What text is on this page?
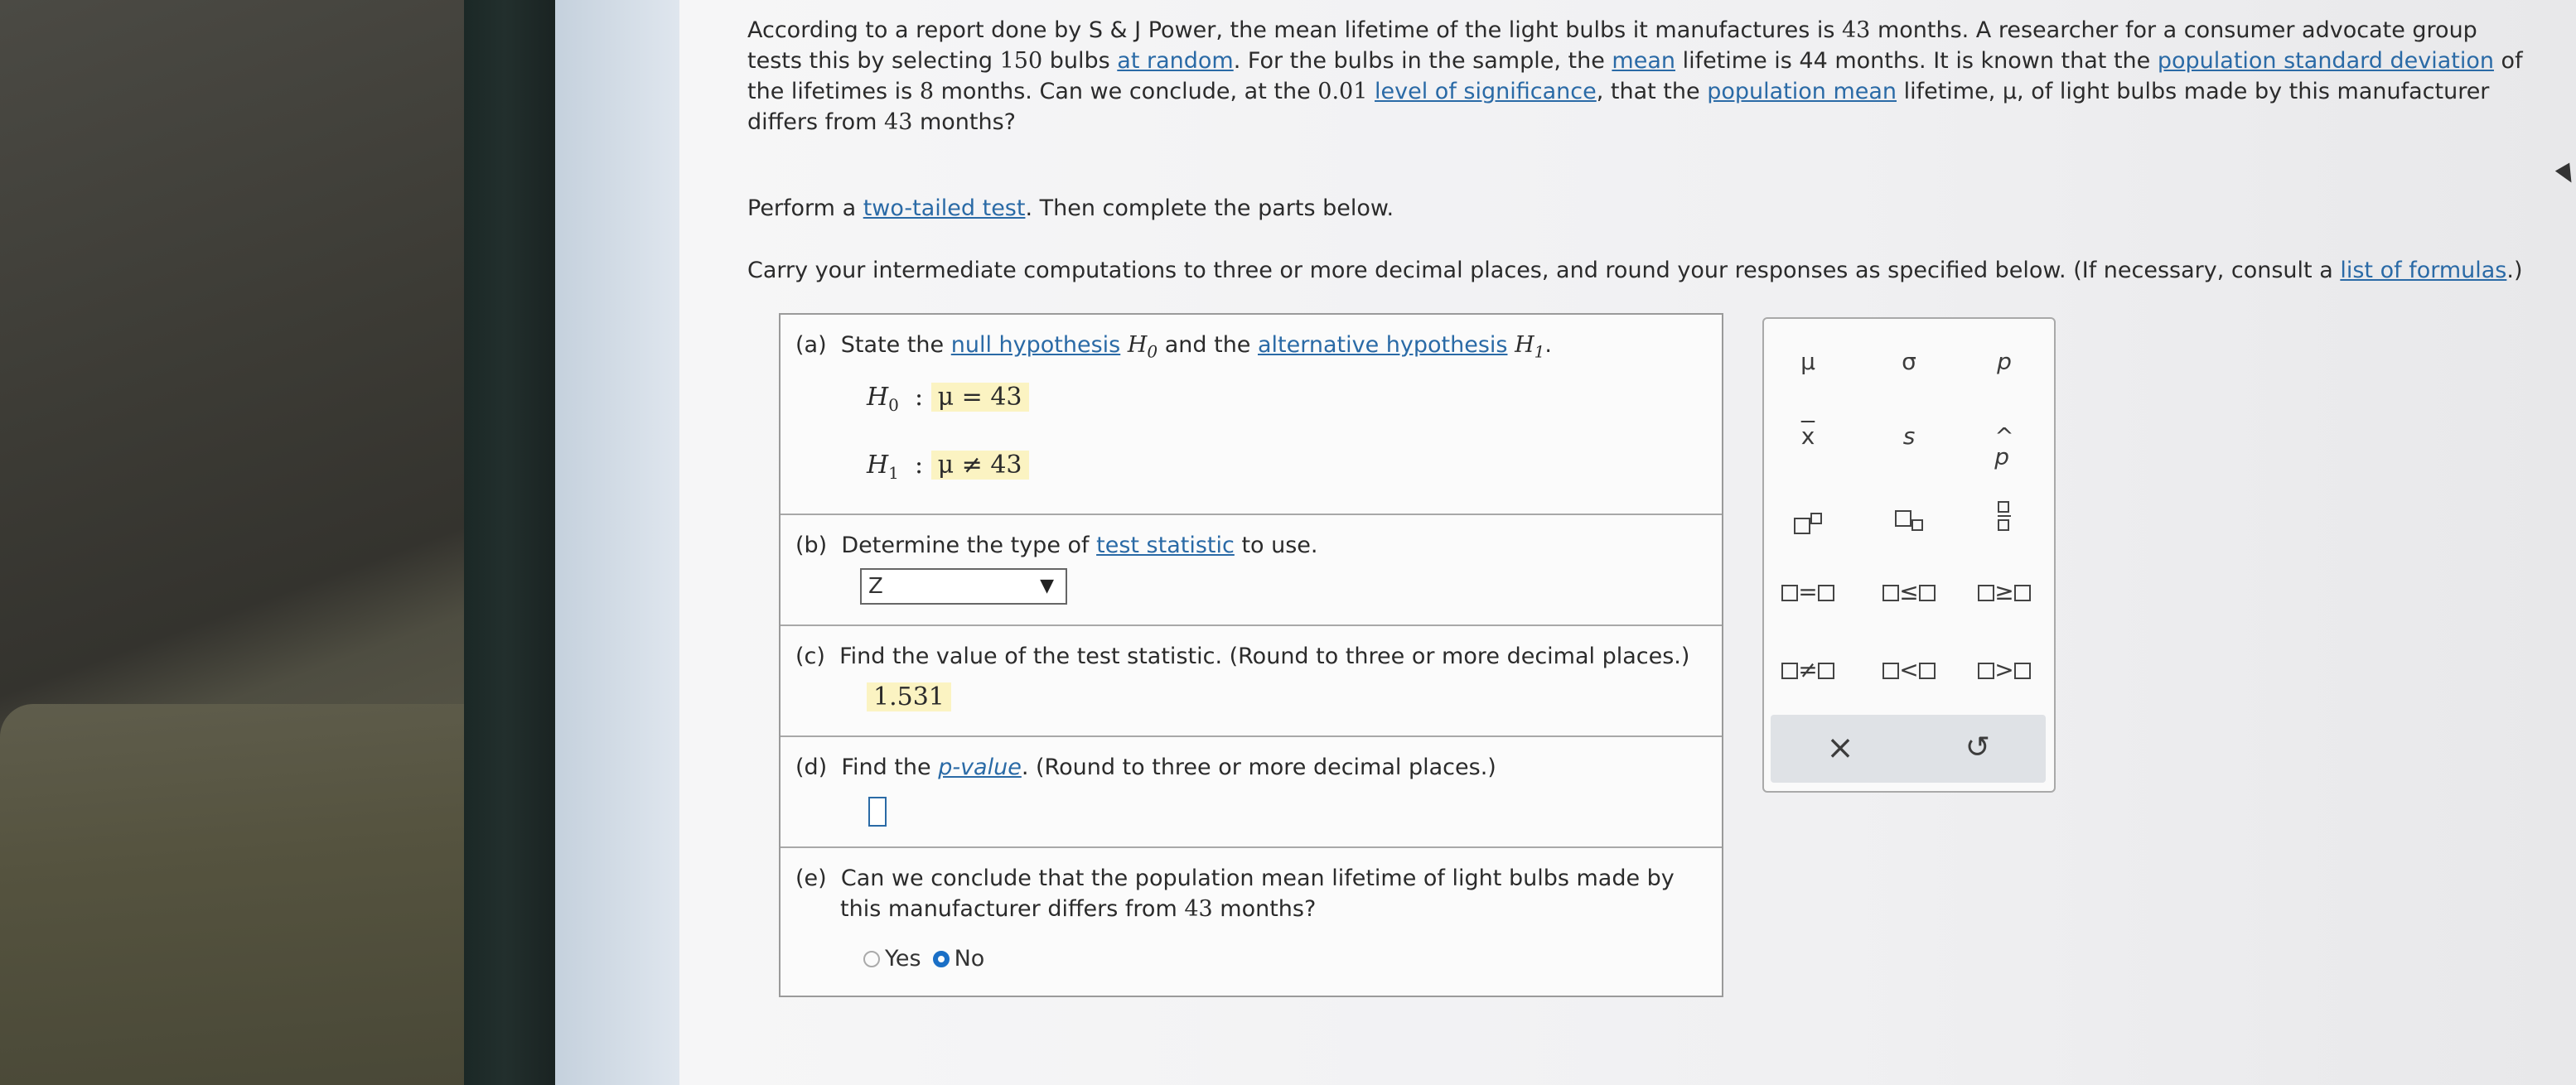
According to a report done by S & J Power, the mean lifetime of the light bulbs it manufactures is 43 months. A researcher for a consumer advocate group tests this by selecting 150 bulbs at random. For the bulbs in the sample, the mean lifetime is 44 months. It is known that the population standard deviation of the lifetimes is 8 months. Can we conclude, at the 0.01 level of significance, that the population mean lifetime, μ, of light bulbs made by this manufacturer differs from 43 months?
Perform a two-tailed test. Then complete the parts below.
Carry your intermediate computations to three or more decimal places, and round your responses as specified below. (If necessary, consult a list of formulas.)
(a) State the null hypothesis $H_0$ and the alternative hypothesis $H_1$.
$H_0$  : μ = 43
$H_1$  : μ ≠ 43
(b) Determine the type of test statistic to use.
Z	▼
(c) Find the value of the test statistic. (Round to three or more decimal places.)
1.531
(d) Find the p-value. (Round to three or more decimal places.)
(e) Can we conclude that the population mean lifetime of light bulbs made by
this manufacturer differs from 43 months?
Yes No
μ	σ	p
$\overline{x}$	s	^
p
=	≤	≥
≠	<	>
×	↺
